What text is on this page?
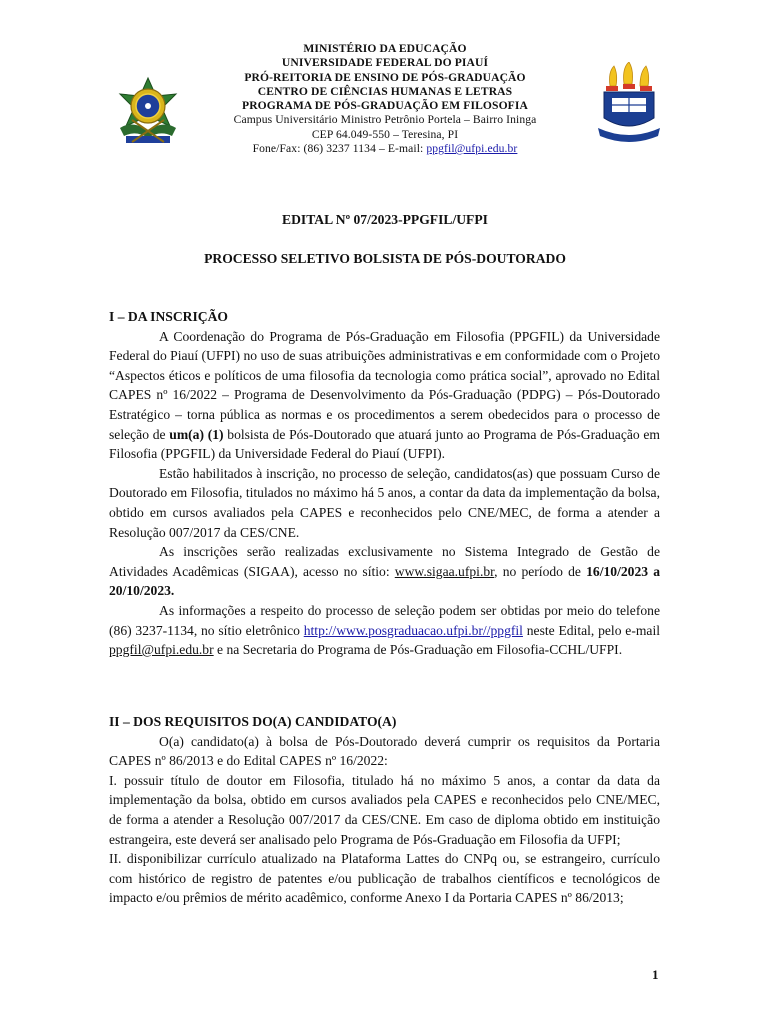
MINISTÉRIO DA EDUCAÇÃO
UNIVERSIDADE FEDERAL DO PIAUÍ
PRÓ-REITORIA DE ENSINO DE PÓS-GRADUAÇÃO
CENTRO DE CIÊNCIAS HUMANAS E LETRAS
PROGRAMA DE PÓS-GRADUAÇÃO EM FILOSOFIA
Campus Universitário Ministro Petrônio Portela – Bairro Ininga
CEP 64.049-550 – Teresina, PI
Fone/Fax: (86) 3237 1134 – E-mail: ppgfil@ufpi.edu.br
EDITAL Nº 07/2023-PPGFIL/UFPI
PROCESSO SELETIVO BOLSISTA DE PÓS-DOUTORADO

I – DA INSCRIÇÃO

A Coordenação do Programa de Pós-Graduação em Filosofia (PPGFIL) da Universidade Federal do Piauí (UFPI) no uso de suas atribuições administrativas e em conformidade com o Projeto “Aspectos éticos e políticos de uma filosofia da tecnologia como prática social”, aprovado no Edital CAPES nº 16/2022 – Programa de Desenvolvimento da Pós-Graduação (PDPG) – Pós-Doutorado Estratégico – torna pública as normas e os procedimentos a serem obedecidos para o processo de seleção de um(a) (1) bolsista de Pós-Doutorado que atuará junto ao Programa de Pós-Graduação em Filosofia (PPGFIL) da Universidade Federal do Piauí (UFPI).

Estão habilitados à inscrição, no processo de seleção, candidatos(as) que possuam Curso de Doutorado em Filosofia, titulados no máximo há 5 anos, a contar da data da implementação da bolsa, obtido em cursos avaliados pela CAPES e reconhecidos pelo CNE/MEC, de forma a atender a Resolução 007/2017 da CES/CNE.

As inscrições serão realizadas exclusivamente no Sistema Integrado de Gestão de Atividades Acadêmicas (SIGAA), acesso no sítio: www.sigaa.ufpi.br, no período de 16/10/2023 a 20/10/2023.

As informações a respeito do processo de seleção podem ser obtidas por meio do telefone (86) 3237-1134, no sítio eletrônico http://www.posgraduacao.ufpi.br//ppgfil neste Edital, pelo e-mail ppgfil@ufpi.edu.br e na Secretaria do Programa de Pós-Graduação em Filosofia-CCHL/UFPI.

II – DOS REQUISITOS DO(A) CANDIDATO(A)

O(a) candidato(a) à bolsa de Pós-Doutorado deverá cumprir os requisitos da Portaria CAPES nº 86/2013 e do Edital CAPES nº 16/2022:

I. possuir título de doutor em Filosofia, titulado há no máximo 5 anos, a contar da data da implementação da bolsa, obtido em cursos avaliados pela CAPES e reconhecidos pelo CNE/MEC, de forma a atender a Resolução 007/2017 da CES/CNE. Em caso de diploma obtido em instituição estrangeira, este deverá ser analisado pelo Programa de Pós-Graduação em Filosofia da UFPI;

II. disponibilizar currículo atualizado na Plataforma Lattes do CNPq ou, se estrangeiro, currículo com histórico de registro de patentes e/ou publicação de trabalhos científicos e tecnológicos de impacto e/ou prêmios de mérito acadêmico, conforme Anexo I da Portaria CAPES nº 86/2013;

1
